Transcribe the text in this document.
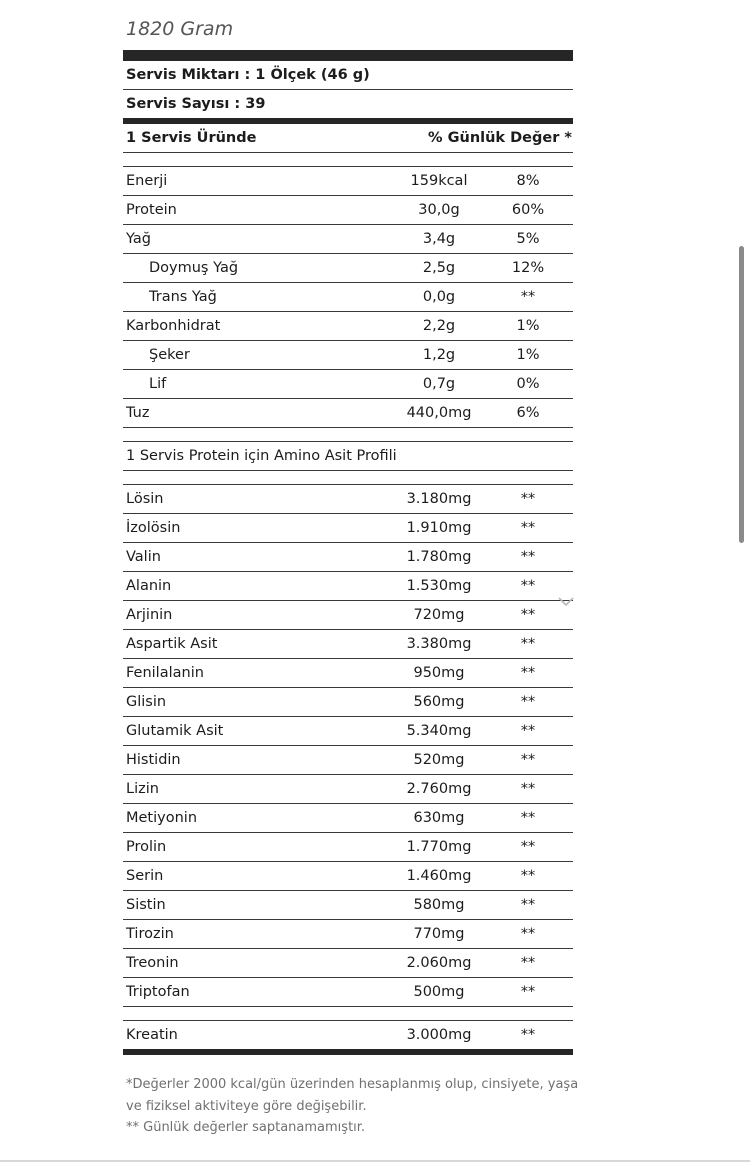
1820 Gram
Servis Miktarı : 1 Ölçek (46 g)
Servis Sayısı : 39
1 Servis Üründe	% Günlük Değer *
Enerji	159kcal	8%
Protein	30,0g	60%
Yağ	3,4g	5%
Doymuş Yağ	2,5g	12%
Trans Yağ	0,0g	**
Karbonhidrat	2,2g	1%
Şeker	1,2g	1%
Lif	0,7g	0%
Tuz	440,0mg	6%
1 Servis Protein için Amino Asit Profili
Lösin	3.180mg	**
İzolösin	1.910mg	**
Valin	1.780mg	**
Alanin	1.530mg	**
Arjinin	720mg	**
Aspartik Asit	3.380mg	**
Fenilalanin	950mg	**
Glisin	560mg	**
Glutamik Asit	5.340mg	**
Histidin	520mg	**
Lizin	2.760mg	**
Metiyonin	630mg	**
Prolin	1.770mg	**
Serin	1.460mg	**
Sistin	580mg	**
Tirozin	770mg	**
Treonin	2.060mg	**
Triptofan	500mg	**
Kreatin	3.000mg	**
*Değerler 2000 kcal/gün üzerinden hesaplanmış olup, cinsiyete, yaşa ve fiziksel aktiviteye göre değişebilir.
** Günlük değerler saptanamamıştır.
